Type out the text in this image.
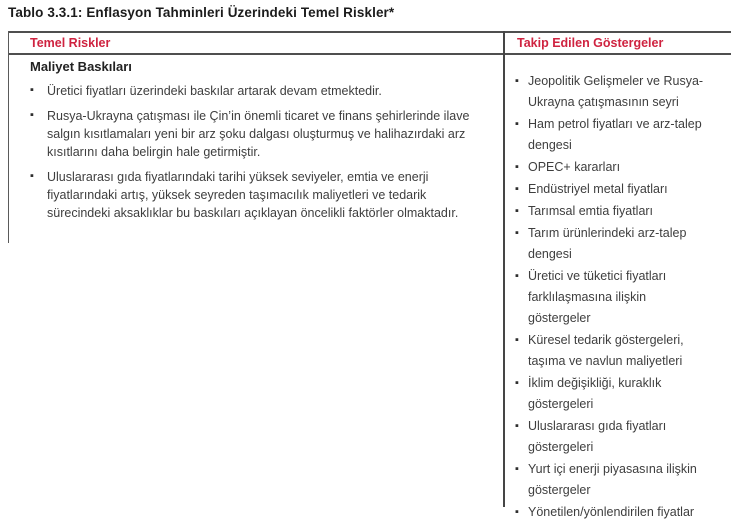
Tablo 3.3.1: Enflasyon Tahminleri Üzerindeki Temel Riskler*
Temel Riskler	Takip Edilen Göstergeler
Maliyet Baskıları
▪ Üretici fiyatları üzerindeki baskılar artarak devam etmektedir.
▪ Rusya-Ukrayna çatışması ile Çin’in önemli ticaret ve finans şehirlerinde ilave salgın kısıtlamaları yeni bir arz şoku dalgası oluşturmuş ve halihazırdaki arz kısıtlarını daha belirgin hale getirmiştir.
▪ Uluslararası gıda fiyatlarındaki tarihi yüksek seviyeler, emtia ve enerji fiyatlarındaki artış, yüksek seyreden taşımacılık maliyetleri ve tedarik sürecindeki aksaklıklar bu baskıları açıklayan öncelikli faktörler olmaktadır.
▪ Jeopolitik Gelişmeler ve Rusya-Ukrayna çatışmasının seyri
▪ Ham petrol fiyatları ve arz-talep dengesi
▪ OPEC+ kararları
▪ Endüstriyel metal fiyatları
▪ Tarımsal emtia fiyatları
▪ Tarım ürünlerindeki arz-talep dengesi
▪ Üretici ve tüketici fiyatları farklılaşmasına ilişkin göstergeler
▪ Küresel tedarik göstergeleri, taşıma ve navlun maliyetleri
▪ İklim değişikliği, kuraklık göstergeleri
▪ Uluslararası gıda fiyatları göstergeleri
▪ Yurt içi enerji piyasasına ilişkin göstergeler
▪ Yönetilen/yönlendirilen fiyatlar
